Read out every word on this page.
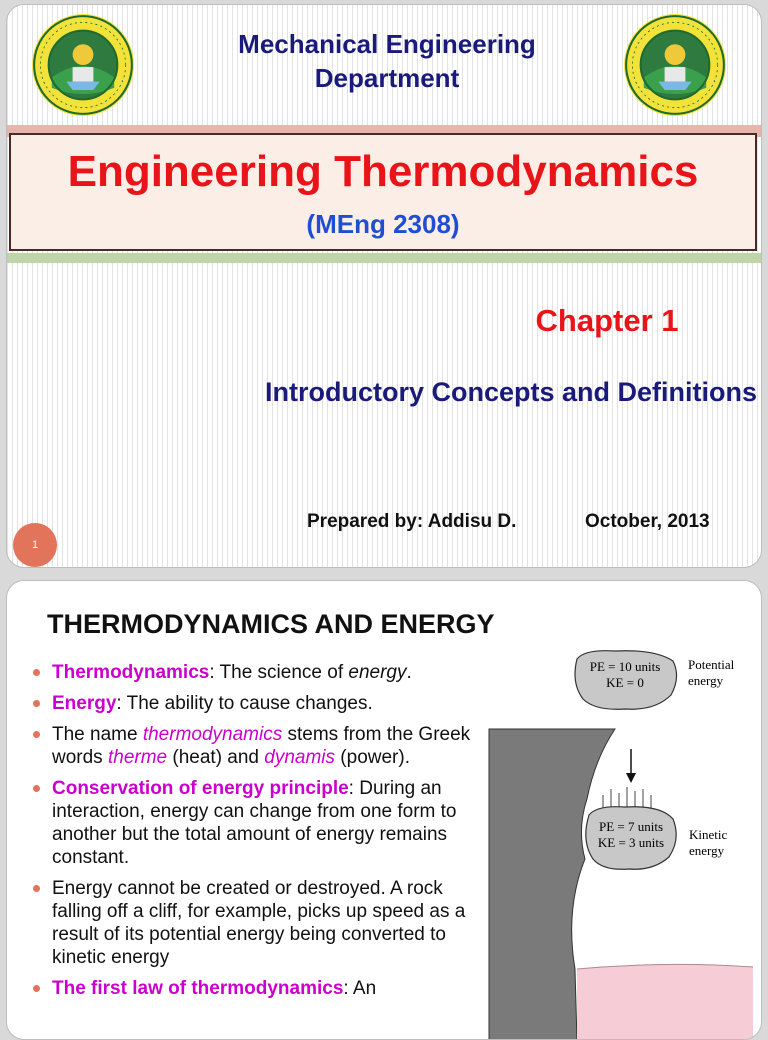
Mechanical Engineering
Department
Engineering Thermodynamics
(MEng 2308)
Chapter 1
Introductory Concepts and Definitions
Prepared by: Addisu D.	October, 2013
1
THERMODYNAMICS AND ENERGY
Thermodynamics: The science of energy.
Energy: The ability to cause changes.
The name thermodynamics stems from the Greek words therme (heat) and dynamis (power).
Conservation of energy principle: During an interaction, energy can change from one form to another but the total amount of energy remains constant.
Energy cannot be created or destroyed. A rock falling off a cliff, for example, picks up speed as a result of its potential energy being converted to kinetic energy
The first law of thermodynamics: An
PE = 10 units
KE = 0
Potential
energy
PE = 7 units
KE = 3 units
Kinetic
energy
